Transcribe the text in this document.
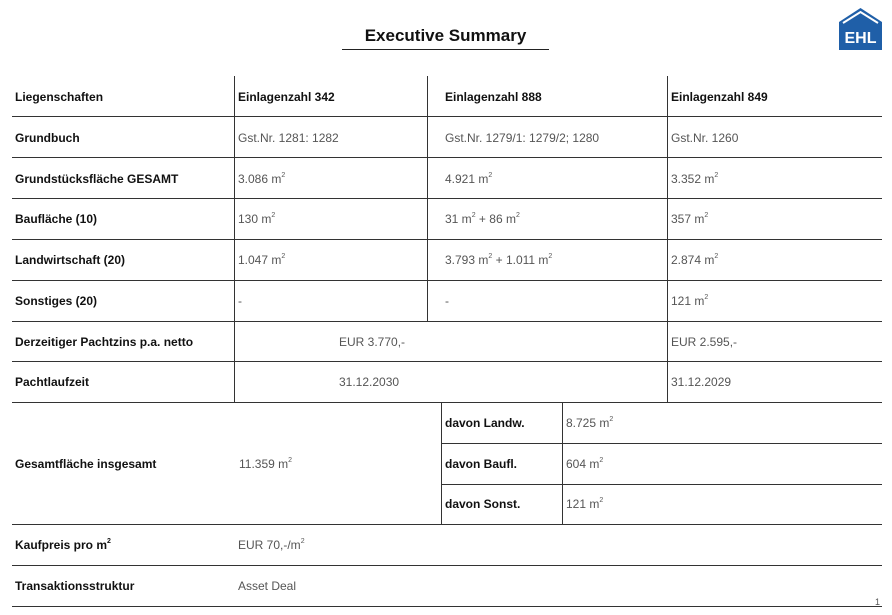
Executive Summary	EHL
Liegenschaften	Einlagenzahl 342	Einlagenzahl 888	Einlagenzahl 849
Grundbuch	Gst.Nr. 1281: 1282	Gst.Nr. 1279/1: 1279/2; 1280	Gst.Nr. 1260
Grundstücksfläche GESAMT	3.086 $m^2$	4.921 $m^2$	3.352 $m^2$
Baufläche (10)	130 $m^2$	31 $m^2 + 86$ $m^2$	357 $m^2$
Landwirtschaft (20)	1.047 $m^2$	3.793 $m^2 + 1.011$ $m^2$	2.874 $m^2$
Sonstiges (20)	-	-	121 $m^2$
Derzeitiger Pachtzins p.a. netto	EUR 3.770,-	EUR 2.595,-
Pachtlaufzeit	31.12.2030	31.12.2029
Gesamtfläche insgesamt	11.359 $m^2$
davon Landw.	8.725 $m^2$
davon Baufl.	604 $m^2$
davon Sonst.	121 $m^2$
Kaufpreis pro $m^2$	EUR $70,-/m^2$
Transaktionsstruktur	Asset Deal
1
